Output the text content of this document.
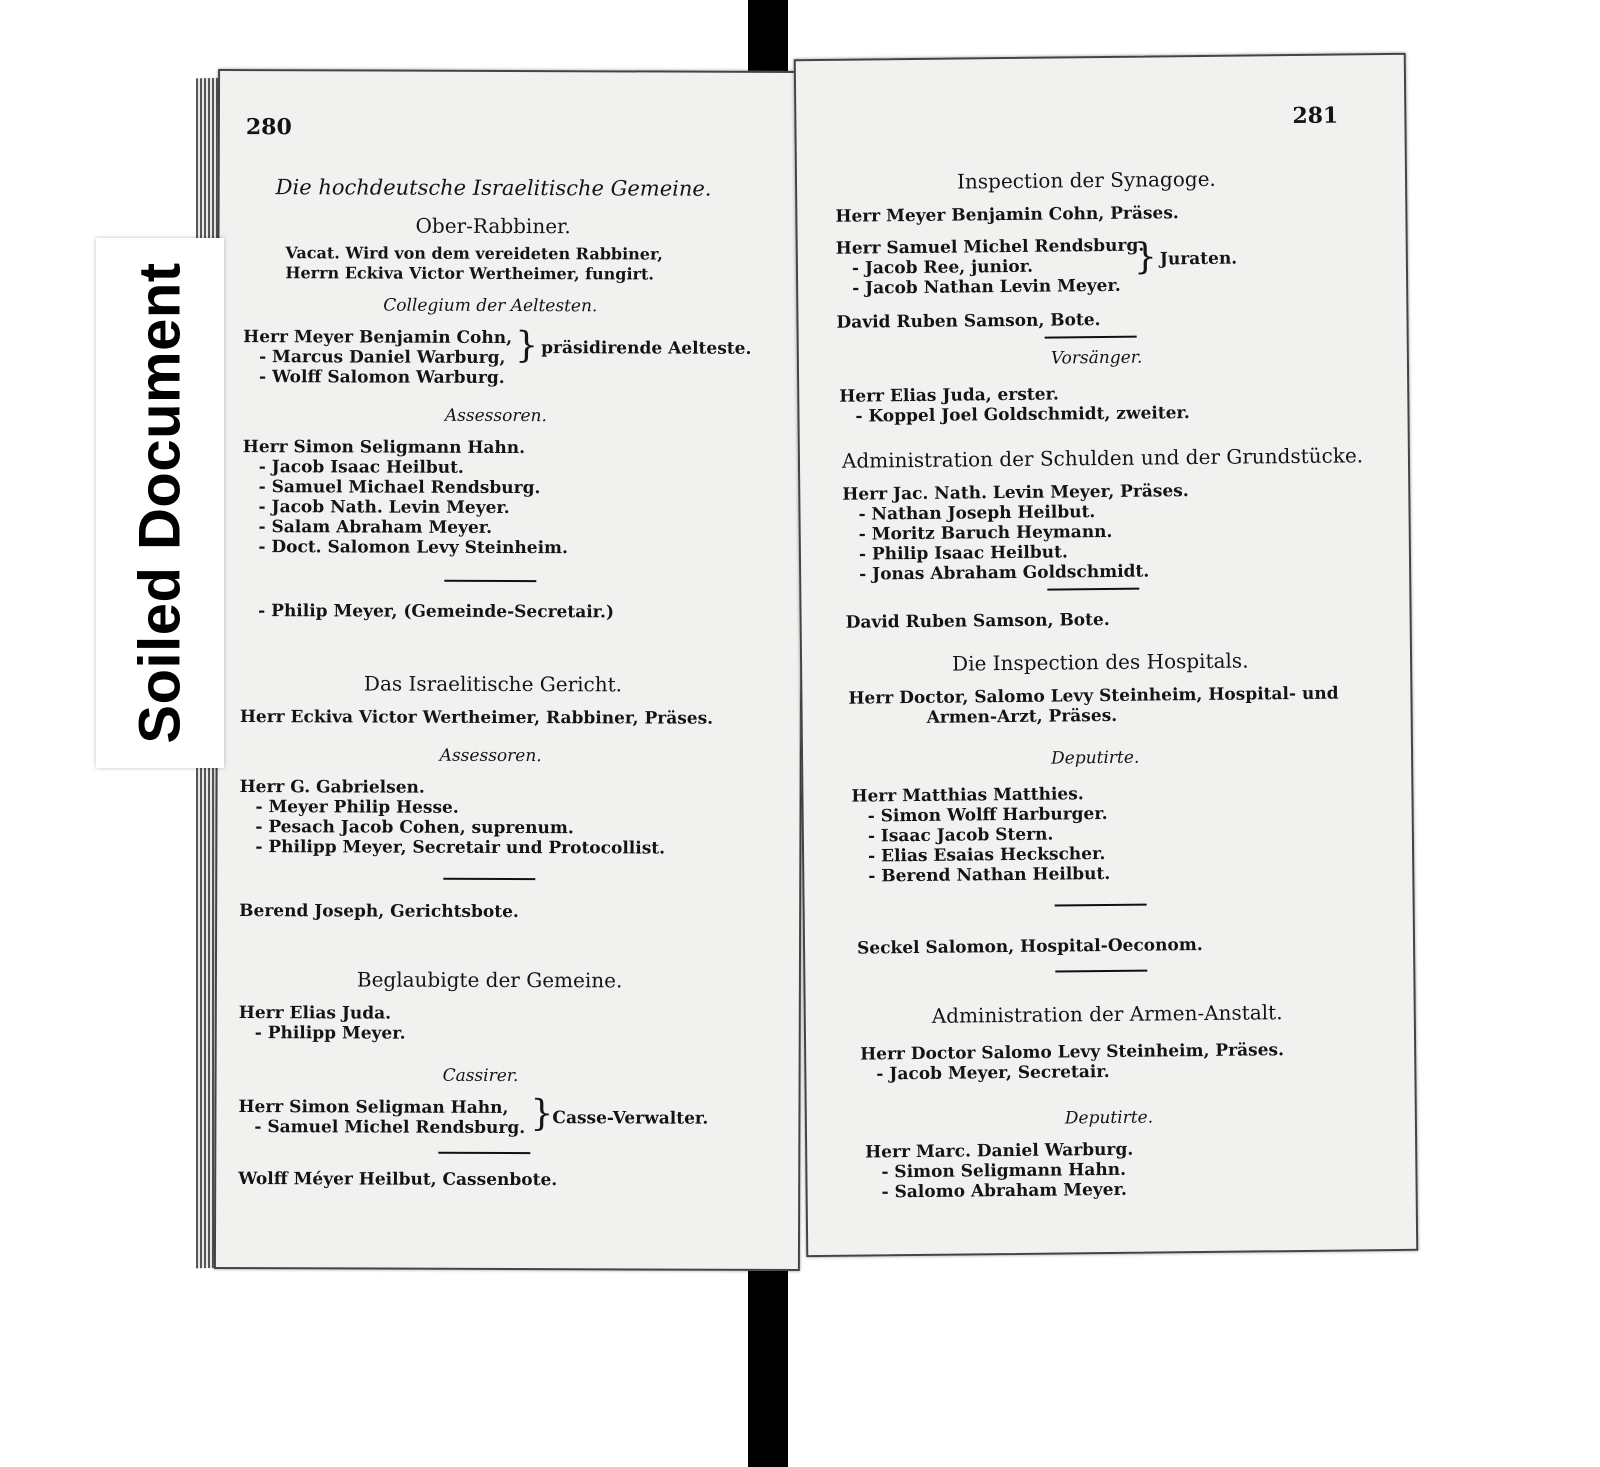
280
Die hochdeutsche Israelitische Gemeine.
Ober-Rabbiner.
Vacat. Wird von dem vereideten Rabbiner,
Herrn Eckiva Victor Wertheimer, fungirt.
Collegium der Aeltesten.
Herr Meyer Benjamin Cohn,
- Marcus Daniel Warburg,
- Wolff Salomon Warburg.
} präsidirende Aelteste.
Assessoren.
Herr Simon Seligmann Hahn.
- Jacob Isaac Heilbut.
- Samuel Michael Rendsburg.
- Jacob Nath. Levin Meyer.
- Salam Abraham Meyer.
- Doct. Salomon Levy Steinheim.
- Philip Meyer, (Gemeinde-Secretair.)
Das Israelitische Gericht.
Herr Eckiva Victor Wertheimer, Rabbiner, Präses.
Assessoren.
Herr G. Gabrielsen.
- Meyer Philip Hesse.
- Pesach Jacob Cohen, suprenum.
- Philipp Meyer, Secretair und Protocollist.
Berend Joseph, Gerichtsbote.
Beglaubigte der Gemeine.
Herr Elias Juda.
- Philipp Meyer.
Cassirer.
Herr Simon Seligman Hahn,
- Samuel Michel Rendsburg. }
Casse-Verwalter.
Wolff Méyer Heilbut, Cassenbote.
281
Inspection der Synagoge.
Herr Meyer Benjamin Cohn, Präses.
Herr Samuel Michel Rendsburg.
- Jacob Ree, junior.
- Jacob Nathan Levin Meyer.
} Juraten.
David Ruben Samson, Bote.
Vorsänger.
Herr Elias Juda, erster.
- Koppel Joel Goldschmidt, zweiter.
Administration der Schulden und der Grundstücke.
Herr Jac. Nath. Levin Meyer, Präses.
- Nathan Joseph Heilbut.
- Moritz Baruch Heymann.
- Philip Isaac Heilbut.
- Jonas Abraham Goldschmidt.
David Ruben Samson, Bote.
Die Inspection des Hospitals.
Herr Doctor, Salomo Levy Steinheim, Hospital- und
Armen-Arzt, Präses.
Deputirte.
Herr Matthias Matthies.
- Simon Wolff Harburger.
- Isaac Jacob Stern.
- Elias Esaias Heckscher.
- Berend Nathan Heilbut.
Seckel Salomon, Hospital-Oeconom.
Administration der Armen-Anstalt.
Herr Doctor Salomo Levy Steinheim, Präses.
- Jacob Meyer, Secretair.
Deputirte.
Herr Marc. Daniel Warburg.
- Simon Seligmann Hahn.
- Salomo Abraham Meyer.
Soiled Document
